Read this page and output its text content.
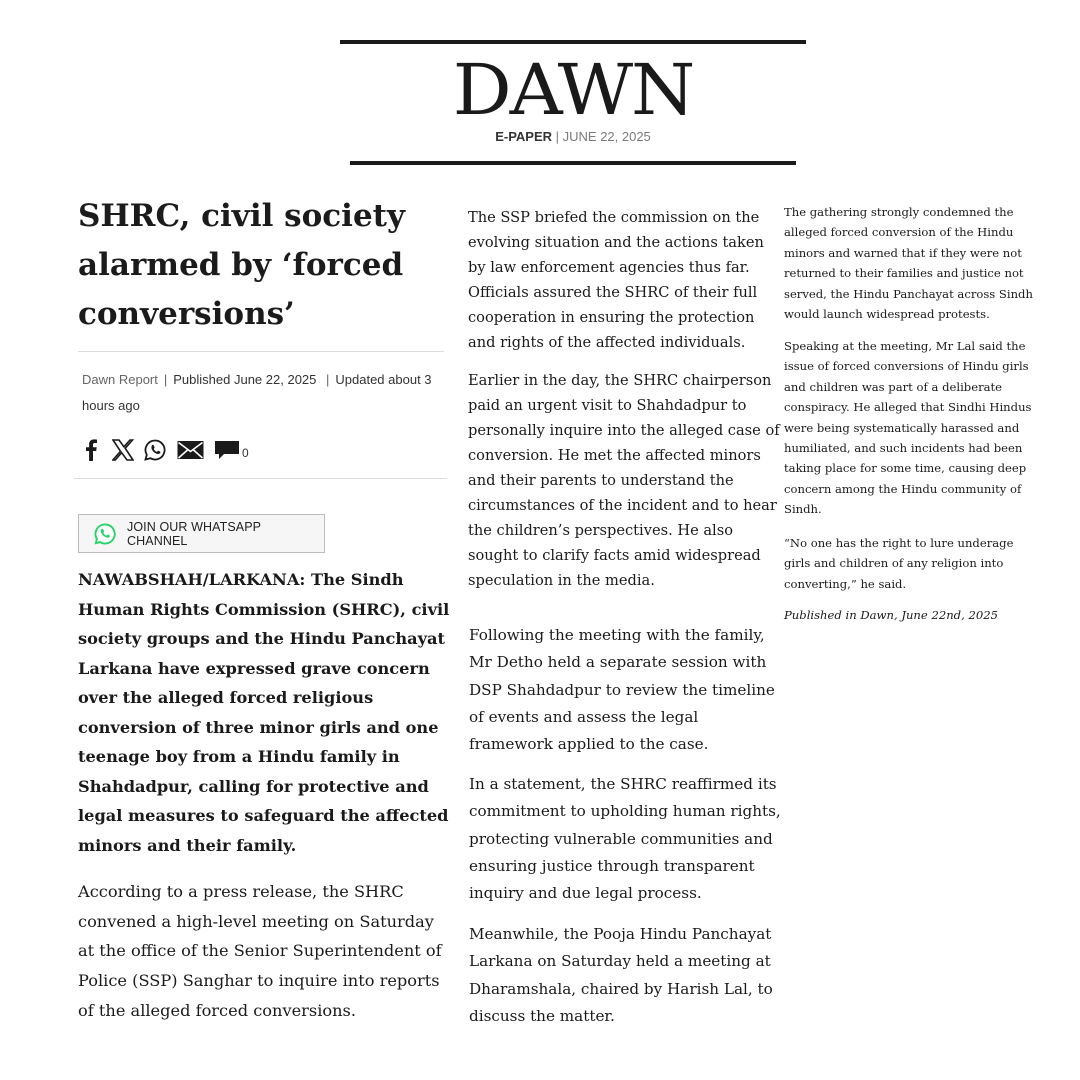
DAWN
E-PAPER | JUNE 22, 2025
SHRC, civil society alarmed by ‘forced conversions’
Dawn Report | Published June 22, 2025 | Updated about 3 hours ago
0
JOIN OUR WHATSAPP CHANNEL

NAWABSHAH/LARKANA: The Sindh Human Rights Commission (SHRC), civil society groups and the Hindu Panchayat Larkana have expressed grave concern over the alleged forced religious conversion of three minor girls and one teenage boy from a Hindu family in Shahdadpur, calling for protective and legal measures to safeguard the affected minors and their family.

According to a press release, the SHRC convened a high-level meeting on Saturday at the office of the Senior Superintendent of Police (SSP) Sanghar to inquire into reports of the alleged forced conversions.

The SSP briefed the commission on the evolving situation and the actions taken by law enforcement agencies thus far. Officials assured the SHRC of their full cooperation in ensuring the protection and rights of the affected individuals.

Earlier in the day, the SHRC chairperson paid an urgent visit to Shahdadpur to personally inquire into the alleged case of conversion. He met the affected minors and their parents to understand the circumstances of the incident and to hear the children’s perspectives. He also sought to clarify facts amid widespread speculation in the media.

Following the meeting with the family, Mr Detho held a separate session with DSP Shahdadpur to review the timeline of events and assess the legal framework applied to the case.

In a statement, the SHRC reaffirmed its commitment to upholding human rights, protecting vulnerable communities and ensuring justice through transparent inquiry and due legal process.

Meanwhile, the Pooja Hindu Panchayat Larkana on Saturday held a meeting at Dharamshala, chaired by Harish Lal, to discuss the matter.

The gathering strongly condemned the alleged forced conversion of the Hindu minors and warned that if they were not returned to their families and justice not served, the Hindu Panchayat across Sindh would launch widespread protests.

Speaking at the meeting, Mr Lal said the issue of forced conversions of Hindu girls and children was part of a deliberate conspiracy. He alleged that Sindhi Hindus were being systematically harassed and humiliated, and such incidents had been taking place for some time, causing deep concern among the Hindu community of Sindh.

“No one has the right to lure underage girls and children of any religion into converting,” he said.

Published in Dawn, June 22nd, 2025
